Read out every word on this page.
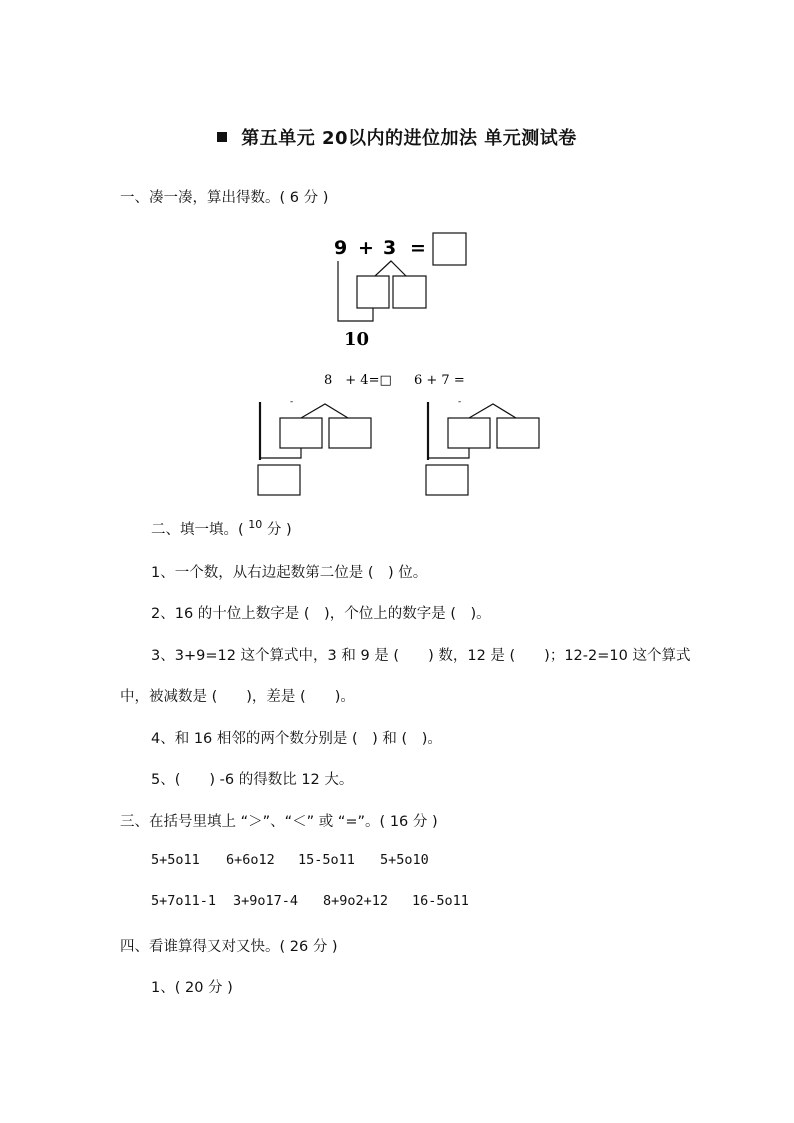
第五单元 20以内的进位加法 单元测试卷
一、凑一凑，算出得数。( 6 分 )
9 + 3 =
10
8　+ 4=□ 6 + 7 =
-	-
二、填一填。( $^{10}$ 分 )
1、一个数，从右边起数第二位是 (　) 位。
2、16 的十位上数字是 (　)，个位上的数字是 (　)。
3、3+9=12 这个算式中，3 和 9 是 (　　) 数，12 是 (　　)；12-2=10 这个算式
中，被减数是 (　　)，差是 (　　)。
4、和 16 相邻的两个数分别是 (　) 和 (　)。
5、(　　) -6 的得数比 12 大。
三、在括号里填上 “＞”、“＜” 或 “=”。( 16 分 )
5+5o11 6+6o12 15-5o11 5+5o10
5+7o11-1 3+9o17-4 8+9o2+12 16-5o11
四、看谁算得又对又快。( 26 分 )
1、( 20 分 )
